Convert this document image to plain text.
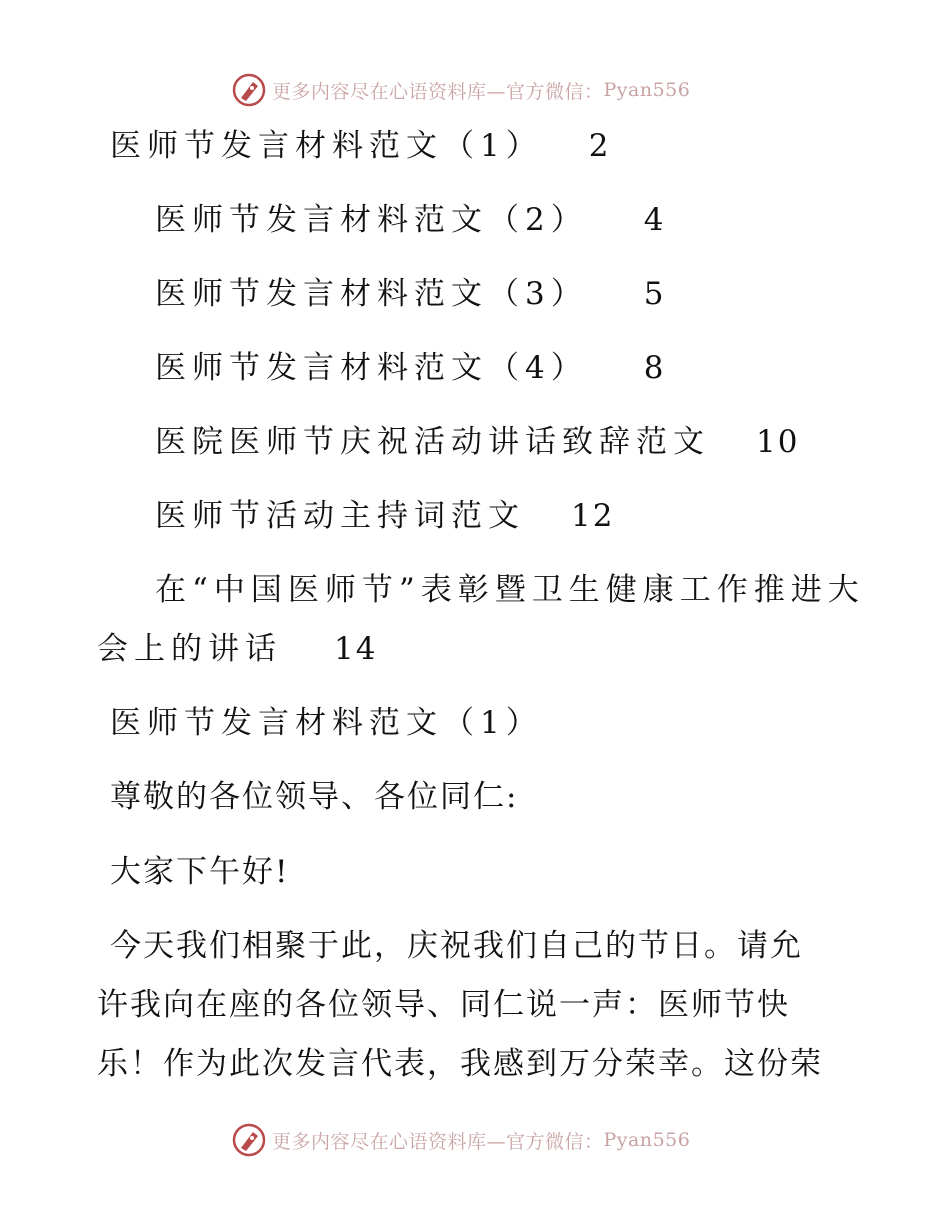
更多内容尽在心语资料库—官方微信： Pyan556
医师节发言材料范文（1） 2
医师节发言材料范文（2） 4
医师节发言材料范文（3） 5
医师节发言材料范文（4） 8
医院医师节庆祝活动讲话致辞范文 10
医师节活动主持词范文 12
在“中国医师节”表彰暨卫生健康工作推进大
会上的讲话 14
医师节发言材料范文（1）
尊敬的各位领导、各位同仁:
大家下午好!
今天我们相聚于此，庆祝我们自己的节日。请允
许我向在座的各位领导、同仁说一声：医师节快
乐！作为此次发言代表，我感到万分荣幸。这份荣
更多内容尽在心语资料库—官方微信： Pyan556
